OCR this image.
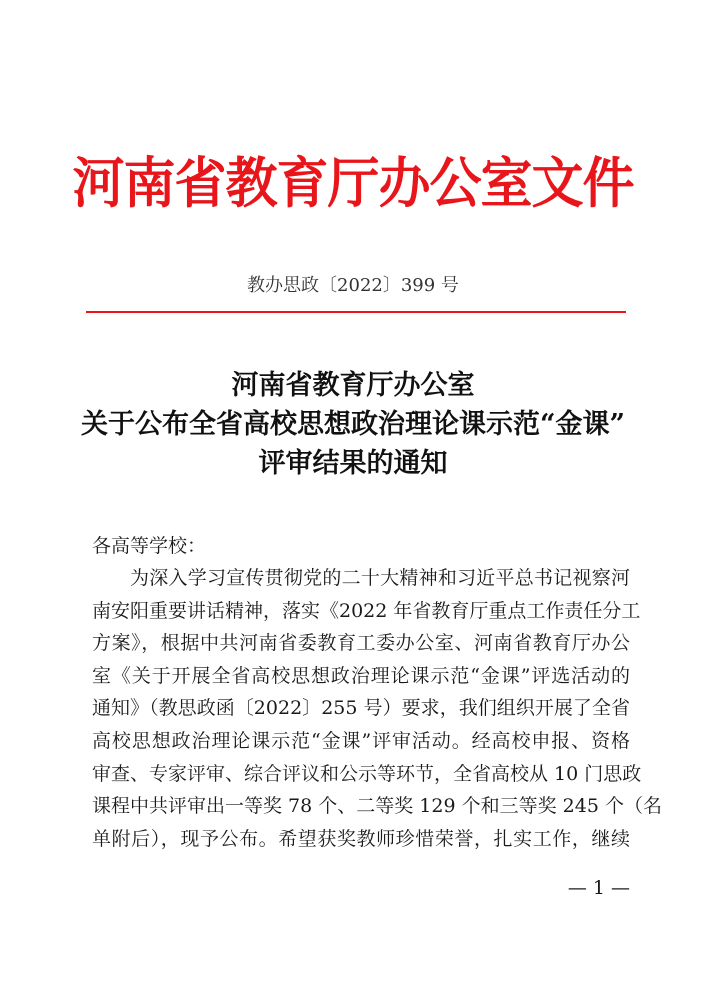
河南省教育厅办公室文件
教办思政〔2022〕399 号
河南省教育厅办公室
关于公布全省高校思想政治理论课示范“金课”
评审结果的通知
各高等学校：
为深入学习宣传贯彻党的二十大精神和习近平总书记视察河
南安阳重要讲话精神，落实《2022 年省教育厅重点工作责任分工
方案》，根据中共河南省委教育工委办公室、河南省教育厅办公
室《关于开展全省高校思想政治理论课示范“金课”评选活动的
通知》（教思政函〔2022〕255 号）要求，我们组织开展了全省
高校思想政治理论课示范“金课”评审活动。经高校申报、资格
审查、专家评审、综合评议和公示等环节，全省高校从 10 门思政
课程中共评审出一等奖 78 个、二等奖 129 个和三等奖 245 个（名
单附后），现予公布。希望获奖教师珍惜荣誉，扎实工作，继续
— 1 —
